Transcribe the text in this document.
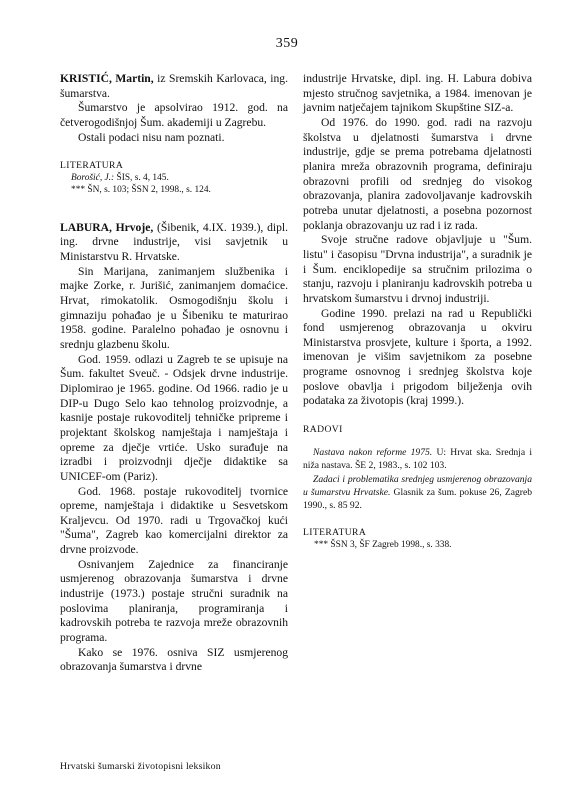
359

KRISTIĆ, Martin, iz Sremskih Karlovaca, ing. šumarstva.

Šumarstvo je apsolvirao 1912. god. na četverogodišnjoj Šum. akademiji u Zagrebu.

Ostali podaci nisu nam poznati.

LITERATURA

Borošić, J.: ŠIS, s. 4, 145.

*** ŠN, s. 103; ŠSN 2, 1998., s. 124.

LABURA, Hrvoje, (Šibenik, 4.IX. 1939.), dipl. ing. drvne industrije, visi savjetnik u Ministarstvu R. Hrvatske.

Sin Marijana, zanimanjem službenika i majke Zorke, r. Jurišić, zanimanjem domaćice. Hrvat, rimokatolik. Osmogodišnju školu i gimnaziju pohađao je u Šibeniku te maturirao 1958. godine. Paralelno pohađao je osnovnu i srednju glazbenu školu.

God. 1959. odlazi u Zagreb te se upisuje na Šum. fakultet Sveuč. - Odsjek drvne industrije. Diplomirao je 1965. godine. Od 1966. radio je u DIP-u Dugo Selo kao tehnolog proizvodnje, a kasnije postaje rukovoditelj tehničke pripreme i projektant školskog namještaja i namještaja i opreme za dječje vrtiće. Usko surađuje na izradbi i proizvodnji dječje didaktike sa UNICEF-om (Pariz).

God. 1968. postaje rukovoditelj tvornice opreme, namještaja i didaktike u Sesvetskom Kraljevcu. Od 1970. radi u Trgovačkoj kući "Šuma", Zagreb kao komercijalni direktor za drvne proizvode.

Osnivanjem Zajednice za financiranje usmjerenog obrazovanja šumarstva i drvne industrije (1973.) postaje stručni suradnik na poslovima planiranja, programiranja i kadrovskih potreba te razvoja mreže obrazovnih programa.

Kako se 1976. osniva SIZ usmjerenog obrazovanja šumarstva i drvne

industrije Hrvatske, dipl. ing. H. Labura dobiva mjesto stručnog savjetnika, a 1984. imenovan je javnim natječajem tajnikom Skupštine SIZ-a.

Od 1976. do 1990. god. radi na razvoju školstva u djelatnosti šumarstva i drvne industrije, gdje se prema potrebama djelatnosti planira mreža obrazovnih programa, definiraju obrazovni profili od srednjeg do visokog obrazovanja, planira zadovoljavanje kadrovskih potreba unutar djelatnosti, a posebna pozornost poklanja obrazovanju uz rad i iz rada.

Svoje stručne radove objavljuje u "Šum. listu" i časopisu "Drvna industrija", a suradnik je i Šum. enciklopedije sa stručnim prilozima o stanju, razvoju i planiranju kadrovskih potreba u hrvatskom šumarstvu i drvnoj industriji.

Godine 1990. prelazi na rad u Republički fond usmjerenog obrazovanja u okviru Ministarstva prosvjete, kulture i športa, a 1992. imenovan je višim savjetnikom za posebne programe osnovnog i srednjeg školstva koje poslove obavlja i prigodom bilježenja ovih podataka za životopis (kraj 1999.).

RADOVI

Nastava nakon reforme 1975. U: Hrvat ska. Srednja i niža nastava. ŠE 2, 1983., s. 102 103.

Zadaci i problematika srednjeg usmjerenog obrazovanja u šumarstvu Hrvatske. Glasnik za šum. pokuse 26, Zagreb 1990., s. 85 92.

LITERATURA

*** ŠSN 3, ŠF Zagreb 1998., s. 338.

Hrvatski šumarski životopisni leksikon
